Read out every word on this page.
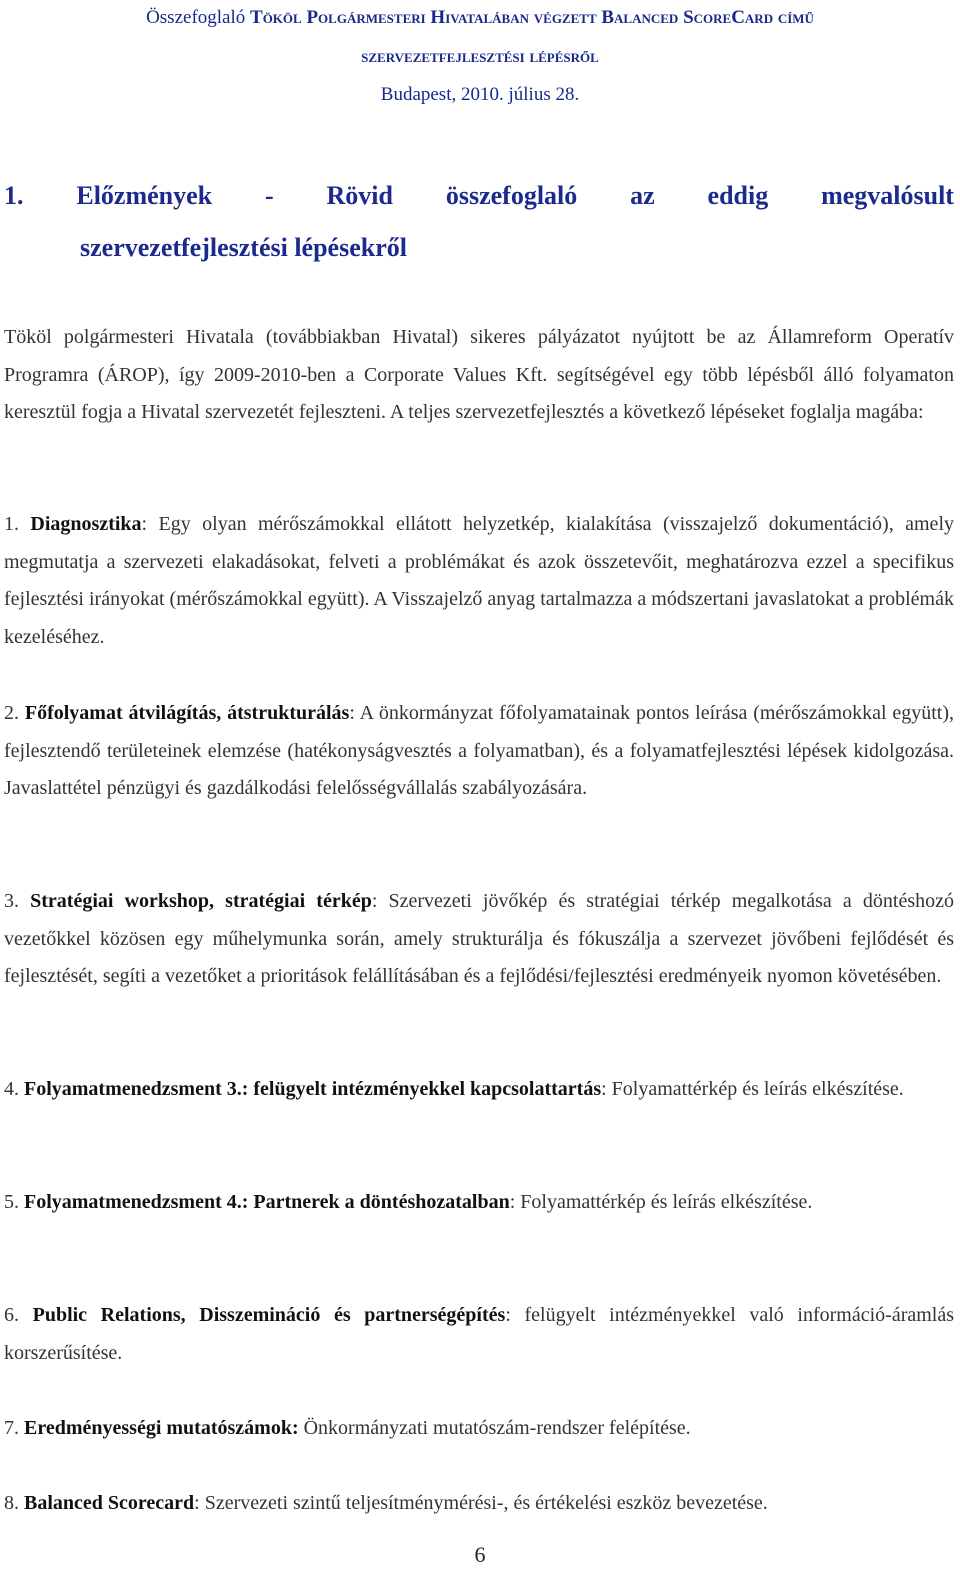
Összefoglaló Tököl Polgármesteri Hivatalában végzett Balanced ScoreCard című
szervezetfejlesztési lépésről
Budapest, 2010. július 28.
1. Előzmények - Rövid összefoglaló az eddig megvalósult
szervezetfejlesztési lépésekről
Tököl polgármesteri Hivatala (továbbiakban Hivatal) sikeres pályázatot nyújtott be az Államreform Operatív Programra (ÁROP), így 2009-2010-ben a Corporate Values Kft. segítségével egy több lépésből álló folyamaton keresztül fogja a Hivatal szervezetét fejleszteni. A teljes szervezetfejlesztés a következő lépéseket foglalja magába:
1. Diagnosztika: Egy olyan mérőszámokkal ellátott helyzetkép, kialakítása (visszajelző dokumentáció), amely megmutatja a szervezeti elakadásokat, felveti a problémákat és azok összetevőit, meghatározva ezzel a specifikus fejlesztési irányokat (mérőszámokkal együtt). A Visszajelző anyag tartalmazza a módszertani javaslatokat a problémák kezeléséhez.
2. Főfolyamat átvilágítás, átstrukturálás: A önkormányzat főfolyamatainak pontos leírása (mérőszámokkal együtt), fejlesztendő területeinek elemzése (hatékonyságvesztés a folyamatban), és a folyamatfejlesztési lépések kidolgozása. Javaslattétel pénzügyi és gazdálkodási felelősségvállalás szabályozására.
3. Stratégiai workshop, stratégiai térkép: Szervezeti jövőkép és stratégiai térkép megalkotása a döntéshozó vezetőkkel közösen egy műhelymunka során, amely strukturálja és fókuszálja a szervezet jövőbeni fejlődését és fejlesztését, segíti a vezetőket a prioritások felállításában és a fejlődési/fejlesztési eredményeik nyomon követésében.
4. Folyamatmenedzsment 3.: felügyelt intézményekkel kapcsolattartás: Folyamattérkép és leírás elkészítése.
5. Folyamatmenedzsment 4.: Partnerek a döntéshozatalban: Folyamattérkép és leírás elkészítése.
6. Public Relations, Disszemináció és partnerségépítés: felügyelt intézményekkel való információ-áramlás korszerűsítése.
7. Eredményességi mutatószámok: Önkormányzati mutatószám-rendszer felépítése.
8. Balanced Scorecard: Szervezeti szintű teljesítménymérési-, és értékelési eszköz bevezetése.
6
